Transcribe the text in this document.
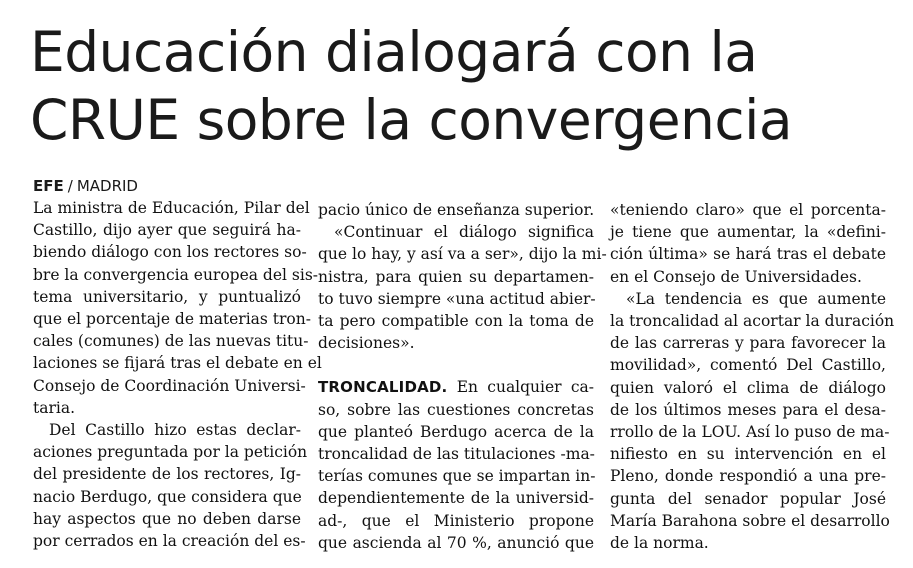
Educación dialogará con la
CRUE sobre la convergencia
EFE / MADRID
La ministra de Educación, Pilar del
Castillo, dijo ayer que seguirá ha-
biendo diálogo con los rectores so-
bre la convergencia europea del sis-
tema universitario, y puntualizó
que el porcentaje de materias tron-
cales (comunes) de las nuevas titu-
laciones se fijará tras el debate en el
Consejo de Coordinación Universi-
taria.
Del Castillo hizo estas declar-
aciones preguntada por la petición
del presidente de los rectores, Ig-
nacio Berdugo, que considera que
hay aspectos que no deben darse
por cerrados en la creación del es-
pacio único de enseñanza superior.
«Continuar el diálogo significa
que lo hay, y así va a ser», dijo la mi-
nistra, para quien su departamen-
to tuvo siempre «una actitud abier-
ta pero compatible con la toma de
decisiones».
TRONCALIDAD. En cualquier ca-
so, sobre las cuestiones concretas
que planteó Berdugo acerca de la
troncalidad de las titulaciones -ma-
terías comunes que se impartan in-
dependientemente de la universid-
ad-, que el Ministerio propone
que ascienda al 70 %, anunció que
«teniendo claro» que el porcenta-
je tiene que aumentar, la «defini-
ción última» se hará tras el debate
en el Consejo de Universidades.
«La tendencia es que aumente
la troncalidad al acortar la duración
de las carreras y para favorecer la
movilidad», comentó Del Castillo,
quien valoró el clima de diálogo
de los últimos meses para el desa-
rrollo de la LOU. Así lo puso de ma-
nifiesto en su intervención en el
Pleno, donde respondió a una pre-
gunta del senador popular José
María Barahona sobre el desarrollo
de la norma.
